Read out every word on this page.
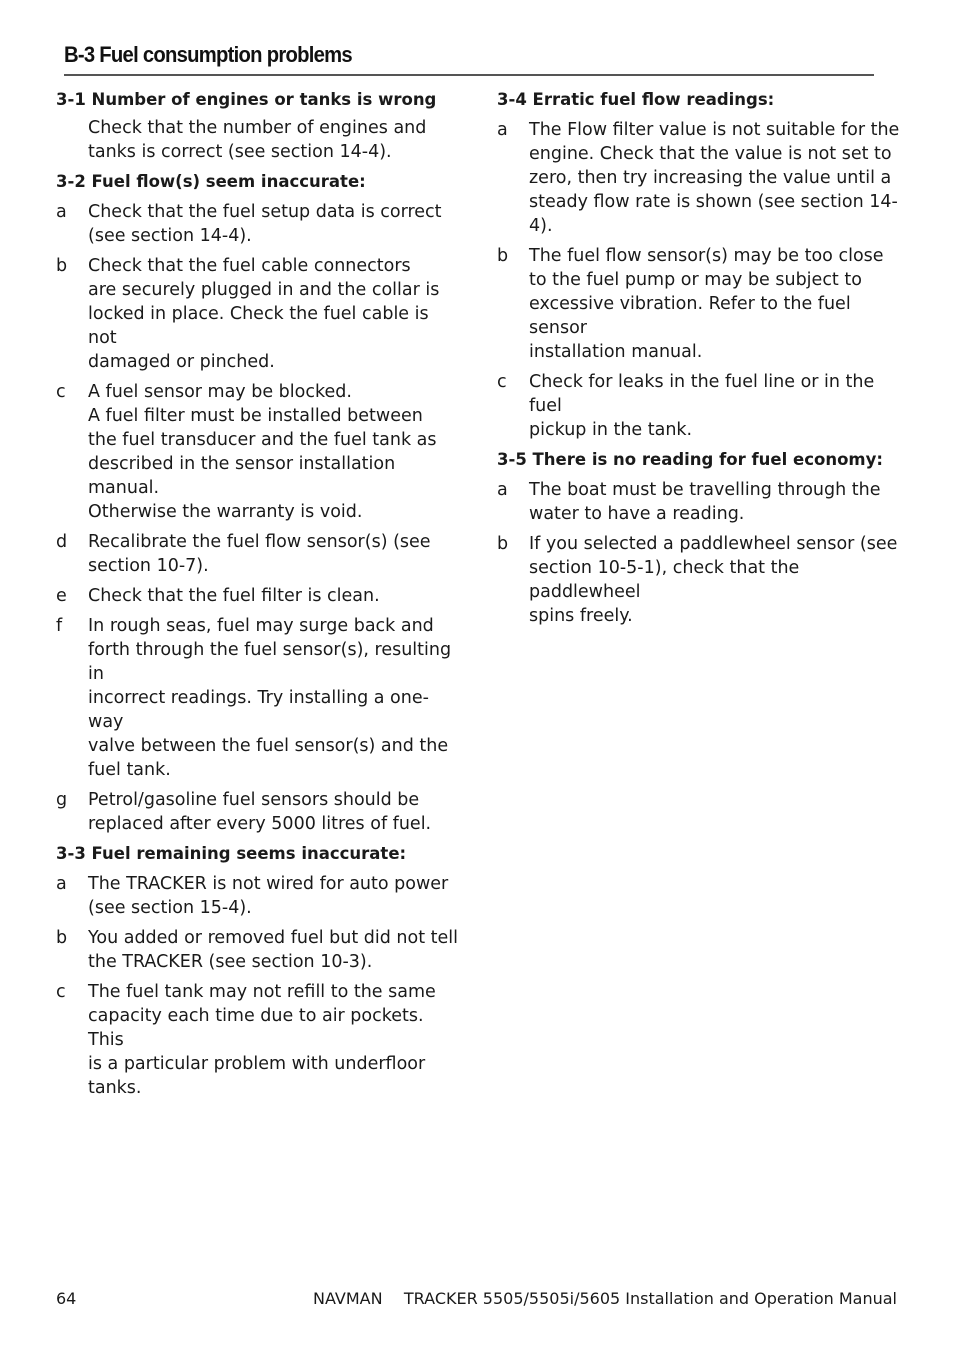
B-3 Fuel consumption problems
3-1 Number of engines or tanks is wrong
Check that the number of engines and
tanks is correct (see section 14-4).
3-2 Fuel flow(s) seem inaccurate:
a	Check that the fuel setup data is correct
(see section 14-4).
b	Check that the fuel cable connectors
are securely plugged in and the collar is
locked in place. Check the fuel cable is not
damaged or pinched.
c	A fuel sensor may be blocked.
A fuel filter must be installed between
the fuel transducer and the fuel tank as
described in the sensor installation manual.
Otherwise the warranty is void.
d	Recalibrate the fuel flow sensor(s) (see
section 10-7).
e	Check that the fuel filter is clean.
f	In rough seas, fuel may surge back and
forth through the fuel sensor(s), resulting in
incorrect readings. Try installing a one-way
valve between the fuel sensor(s) and the
fuel tank.
g	Petrol/gasoline fuel sensors should be
replaced after every 5000 litres of fuel.
3-3 Fuel remaining seems inaccurate:
a	The TRACKER is not wired for auto power
(see section 15-4).
b	You added or removed fuel but did not tell
the TRACKER (see section 10-3).
c	The fuel tank may not refill to the same
capacity each time due to air pockets. This
is a particular problem with underfloor
tanks.
3-4 Erratic fuel flow readings:
a	The Flow filter value is not suitable for the
engine. Check that the value is not set to
zero, then try increasing the value until a
steady flow rate is shown (see section 14-4).
b	The fuel flow sensor(s) may be too close
to the fuel pump or may be subject to
excessive vibration. Refer to the fuel sensor
installation manual.
c	Check for leaks in the fuel line or in the fuel
pickup in the tank.
3-5 There is no reading for fuel economy:
a	The boat must be travelling through the
water to have a reading.
b	If you selected a paddlewheel sensor (see
section 10-5-1), check that the paddlewheel
spins freely.
64	NAVMAN TRACKER 5505/5505i/5605 Installation and Operation Manual
